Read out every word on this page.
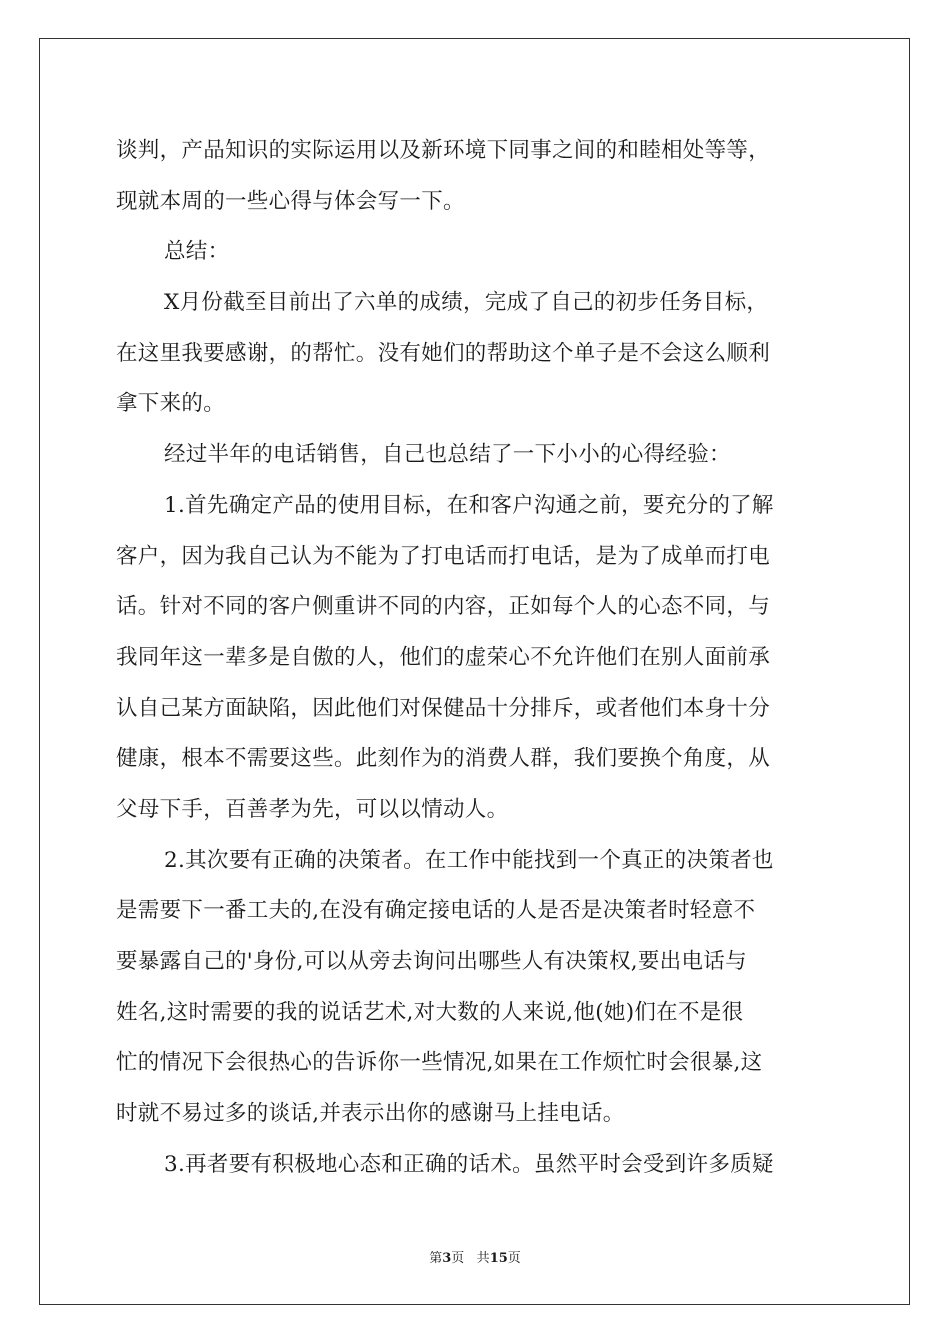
谈判，产品知识的实际运用以及新环境下同事之间的和睦相处等等，
现就本周的一些心得与体会写一下。
总结：
X月份截至目前出了六单的成绩，完成了自己的初步任务目标，
在这里我要感谢，的帮忙。没有她们的帮助这个单子是不会这么顺利
拿下来的。
经过半年的电话销售，自己也总结了一下小小的心得经验：
1.首先确定产品的使用目标，在和客户沟通之前，要充分的了解
客户，因为我自己认为不能为了打电话而打电话，是为了成单而打电
话。针对不同的客户侧重讲不同的内容，正如每个人的心态不同，与
我同年这一辈多是自傲的人，他们的虚荣心不允许他们在别人面前承
认自己某方面缺陷，因此他们对保健品十分排斥，或者他们本身十分
健康，根本不需要这些。此刻作为的消费人群，我们要换个角度，从
父母下手，百善孝为先，可以以情动人。
2.其次要有正确的决策者。在工作中能找到一个真正的决策者也
是需要下一番工夫的,在没有确定接电话的人是否是决策者时轻意不
要暴露自己的'身份,可以从旁去询问出哪些人有决策权,要出电话与
姓名,这时需要的我的说话艺术,对大数的人来说,他(她)们在不是很
忙的情况下会很热心的告诉你一些情况,如果在工作烦忙时会很暴,这
时就不易过多的谈话,并表示出你的感谢马上挂电话。
3.再者要有积极地心态和正确的话术。虽然平时会受到许多质疑
第3页 共15页
